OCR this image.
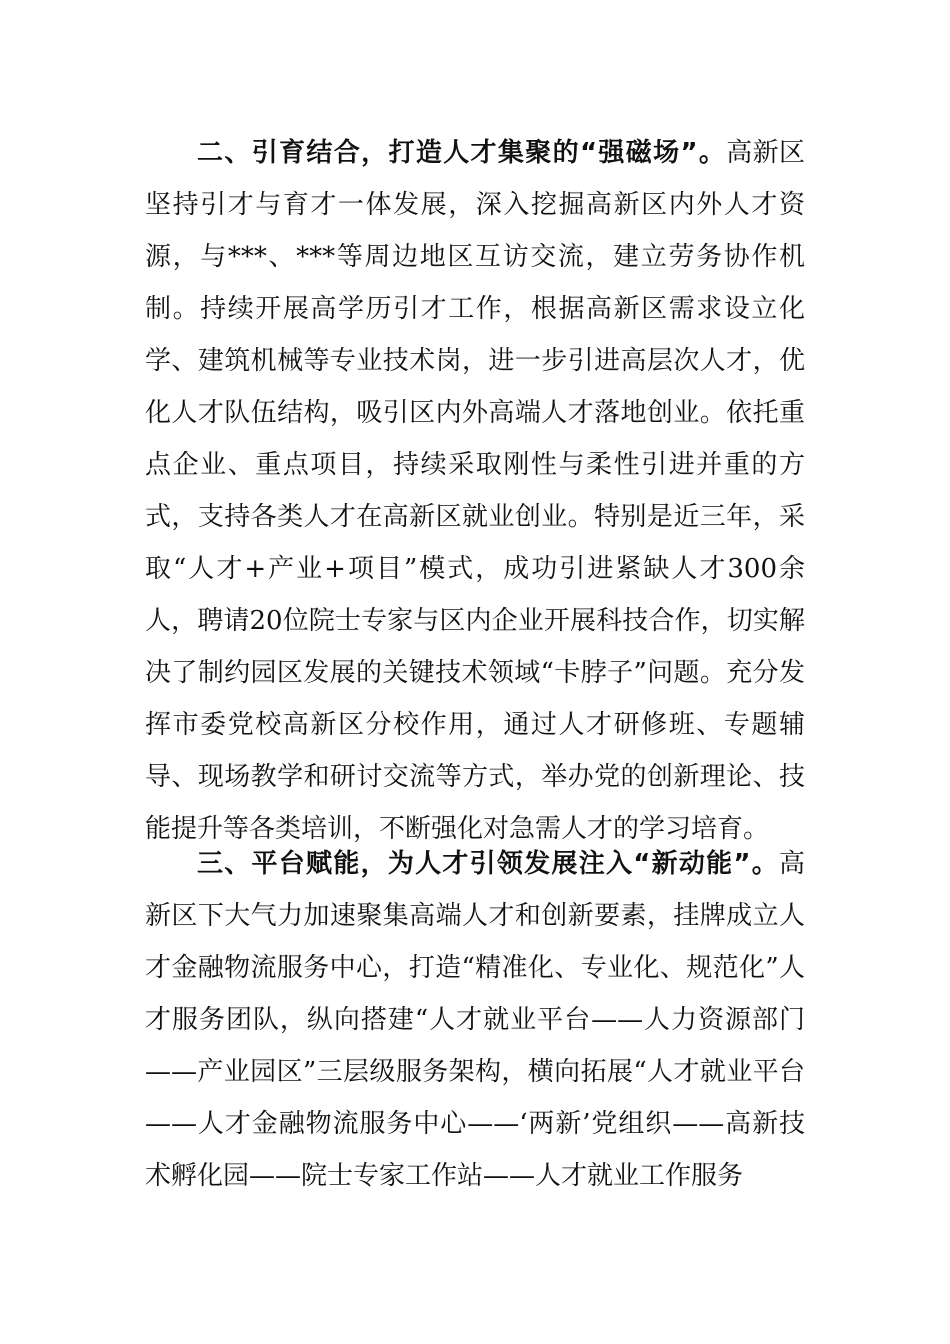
二、引育结合，打造人才集聚的“强磁场”。高新区坚持引才与育才一体发展，深入挖掘高新区内外人才资源，与***、***等周边地区互访交流，建立劳务协作机制。持续开展高学历引才工作，根据高新区需求设立化学、建筑机械等专业技术岗，进一步引进高层次人才，优化人才队伍结构，吸引区内外高端人才落地创业。依托重点企业、重点项目，持续采取刚性与柔性引进并重的方式，支持各类人才在高新区就业创业。特别是近三年，采取“人才+产业+项目”模式，成功引进紧缺人才300余人，聘请20位院士专家与区内企业开展科技合作，切实解决了制约园区发展的关键技术领域“卡脖子”问题。充分发挥市委党校高新区分校作用，通过人才研修班、专题辅导、现场教学和研讨交流等方式，举办党的创新理论、技能提升等各类培训，不断强化对急需人才的学习培育。

三、平台赋能，为人才引领发展注入“新动能”。高新区下大气力加速聚集高端人才和创新要素，挂牌成立人才金融物流服务中心，打造“精准化、专业化、规范化”人才服务团队，纵向搭建“人才就业平台——人力资源部门——产业园区”三层级服务架构，横向拓展“人才就业平台——人才金融物流服务中心——‘两新’党组织——高新技术孵化园——院士专家工作站——人才就业工作服务
